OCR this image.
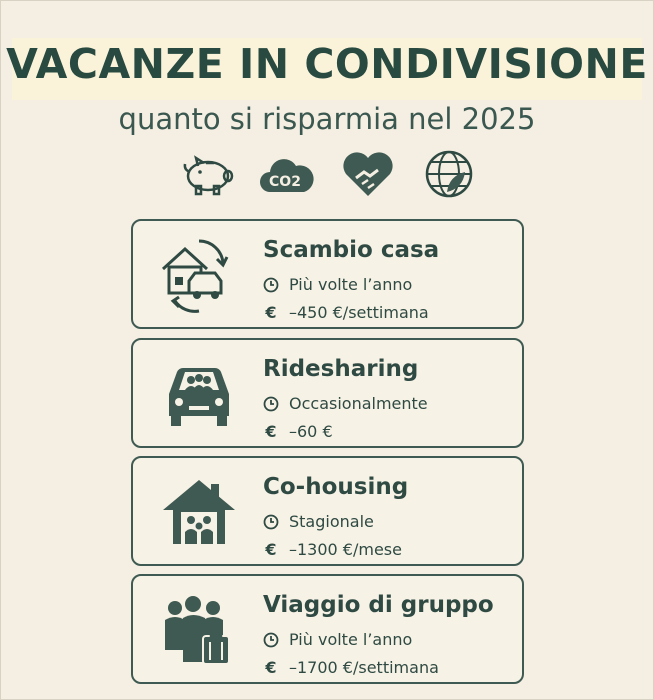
VACANZE IN CONDIVISIONE
quanto si risparmia nel 2025
CO2
Scambio casa
Più volte l’anno
€ –450 €/settimana
Ridesharing
Occasionalmente
€ –60 €
Co-housing
Stagionale
€ –1300 €/mese
Viaggio di gruppo
Più volte l’anno
€ –1700 €/settimana
